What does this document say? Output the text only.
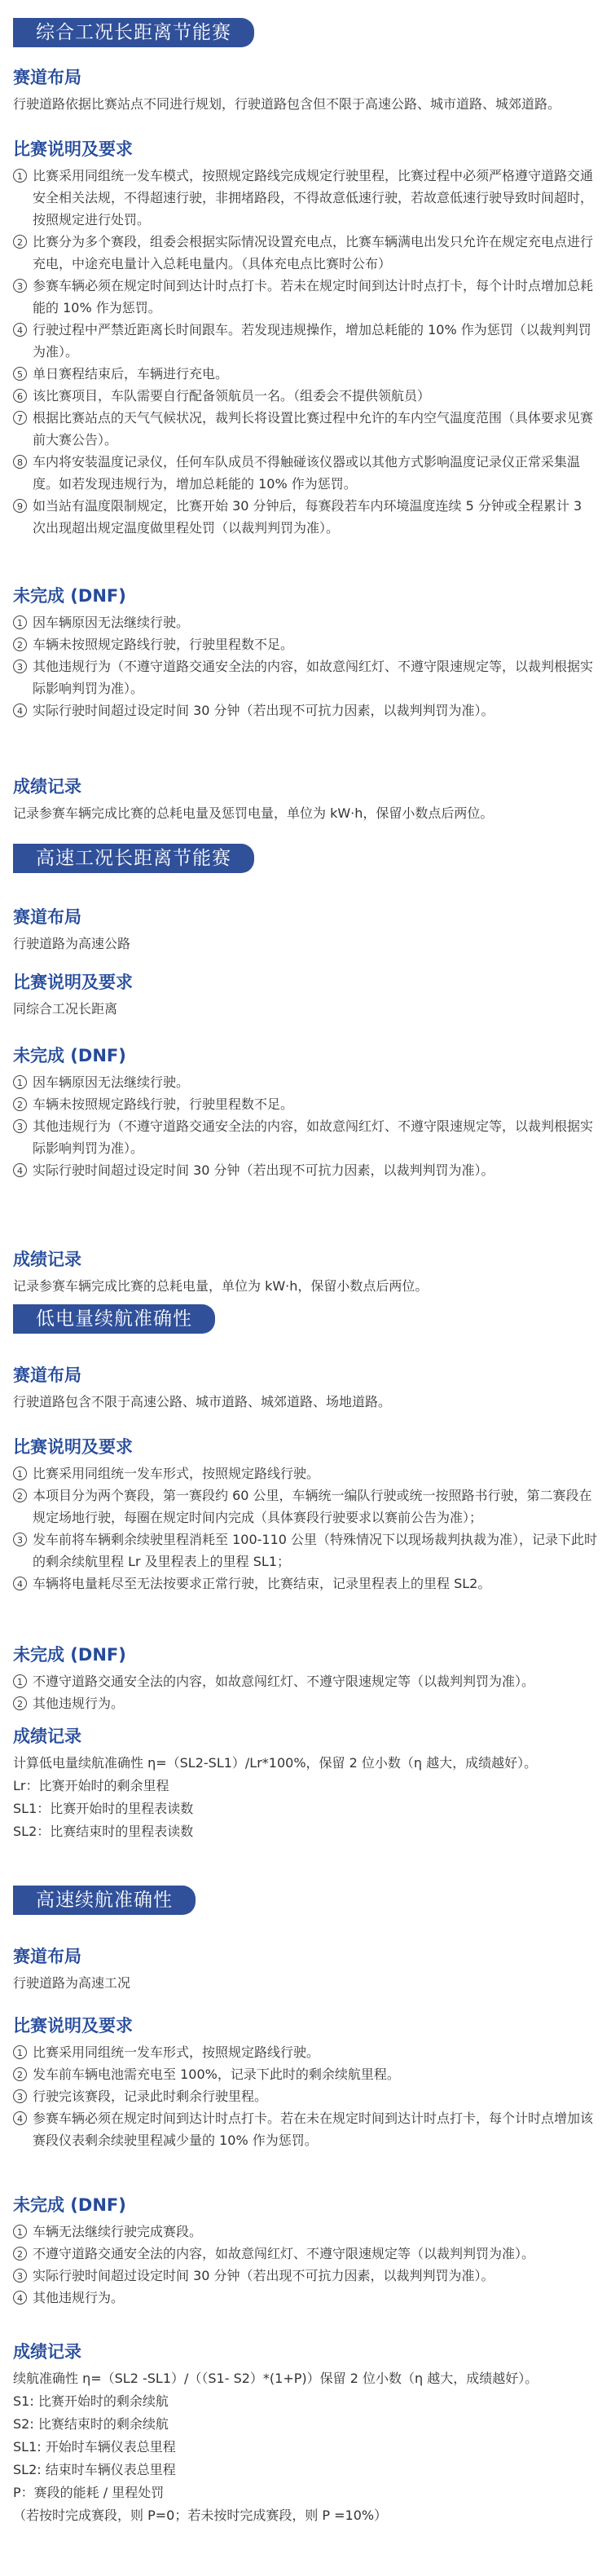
综合工况长距离节能赛
赛道布局
行驶道路依据比赛站点不同进行规划，行驶道路包含但不限于高速公路、城市道路、城郊道路。
比赛说明及要求
1 比赛采用同组统一发车模式，按照规定路线完成规定行驶里程，比赛过程中必须严格遵守道路交通安全相关法规，不得超速行驶，非拥堵路段，不得故意低速行驶，若故意低速行驶导致时间超时，按照规定进行处罚。
2 比赛分为多个赛段，组委会根据实际情况设置充电点，比赛车辆满电出发只允许在规定充电点进行充电，中途充电量计入总耗电量内。（具体充电点比赛时公布）
3 参赛车辆必须在规定时间到达计时点打卡。若未在规定时间到达计时点打卡，每个计时点增加总耗能的 10% 作为惩罚。
4 行驶过程中严禁近距离长时间跟车。若发现违规操作，增加总耗能的 10% 作为惩罚（以裁判判罚为准）。
5 单日赛程结束后，车辆进行充电。
6 该比赛项目，车队需要自行配备领航员一名。（组委会不提供领航员）
7 根据比赛站点的天气气候状况，裁判长将设置比赛过程中允许的车内空气温度范围（具体要求见赛前大赛公告）。
8 车内将安装温度记录仪，任何车队成员不得触碰该仪器或以其他方式影响温度记录仪正常采集温度。如若发现违规行为，增加总耗能的 10% 作为惩罚。
9 如当站有温度限制规定，比赛开始 30 分钟后，每赛段若车内环境温度连续 5 分钟或全程累计 3 次出现超出规定温度做里程处罚（以裁判判罚为准）。
未完成 (DNF)
1 因车辆原因无法继续行驶。
2 车辆未按照规定路线行驶，行驶里程数不足。
3 其他违规行为（不遵守道路交通安全法的内容，如故意闯红灯、不遵守限速规定等，以裁判根据实际影响判罚为准）。
4 实际行驶时间超过设定时间 30 分钟（若出现不可抗力因素，以裁判判罚为准）。
成绩记录
记录参赛车辆完成比赛的总耗电量及惩罚电量，单位为 kW·h，保留小数点后两位。
高速工况长距离节能赛
赛道布局
行驶道路为高速公路
比赛说明及要求
同综合工况长距离
未完成 (DNF)
1 因车辆原因无法继续行驶。
2 车辆未按照规定路线行驶，行驶里程数不足。
3 其他违规行为（不遵守道路交通安全法的内容，如故意闯红灯、不遵守限速规定等，以裁判根据实际影响判罚为准）。
4 实际行驶时间超过设定时间 30 分钟（若出现不可抗力因素，以裁判判罚为准）。
成绩记录
记录参赛车辆完成比赛的总耗电量，单位为 kW·h，保留小数点后两位。
低电量续航准确性
赛道布局
行驶道路包含不限于高速公路、城市道路、城郊道路、场地道路。
比赛说明及要求
1 比赛采用同组统一发车形式，按照规定路线行驶。
2 本项目分为两个赛段，第一赛段约 60 公里，车辆统一编队行驶或统一按照路书行驶，第二赛段在规定场地行驶，每圈在规定时间内完成（具体赛段行驶要求以赛前公告为准）；
3 发车前将车辆剩余续驶里程消耗至 100-110 公里（特殊情况下以现场裁判执裁为准），记录下此时的剩余续航里程 Lr 及里程表上的里程 SL1；
4 车辆将电量耗尽至无法按要求正常行驶，比赛结束，记录里程表上的里程 SL2。
未完成 (DNF)
1 不遵守道路交通安全法的内容，如故意闯红灯、不遵守限速规定等（以裁判判罚为准）。
2 其他违规行为。
成绩记录
计算低电量续航准确性 η=（SL2-SL1）/Lr*100%，保留 2 位小数（η 越大，成绩越好）。
Lr：比赛开始时的剩余里程
SL1：比赛开始时的里程表读数
SL2：比赛结束时的里程表读数
高速续航准确性
赛道布局
行驶道路为高速工况
比赛说明及要求
1 比赛采用同组统一发车形式，按照规定路线行驶。
2 发车前车辆电池需充电至 100%，记录下此时的剩余续航里程。
3 行驶完该赛段，记录此时剩余行驶里程。
4 参赛车辆必须在规定时间到达计时点打卡。若在未在规定时间到达计时点打卡，每个计时点增加该赛段仪表剩余续驶里程减少量的 10% 作为惩罚。
未完成 (DNF)
1 车辆无法继续行驶完成赛段。
2 不遵守道路交通安全法的内容，如故意闯红灯、不遵守限速规定等（以裁判判罚为准）。
3 实际行驶时间超过设定时间 30 分钟（若出现不可抗力因素，以裁判判罚为准）。
4 其他违规行为。
成绩记录
续航准确性 η=（SL2 -SL1）/（（S1- S2）*(1+P)）保留 2 位小数（η 越大，成绩越好）。
S1: 比赛开始时的剩余续航
S2: 比赛结束时的剩余续航
SL1: 开始时车辆仪表总里程
SL2: 结束时车辆仪表总里程
P：赛段的能耗 / 里程处罚
（若按时完成赛段，则 P=0；若未按时完成赛段，则 P =10%）
